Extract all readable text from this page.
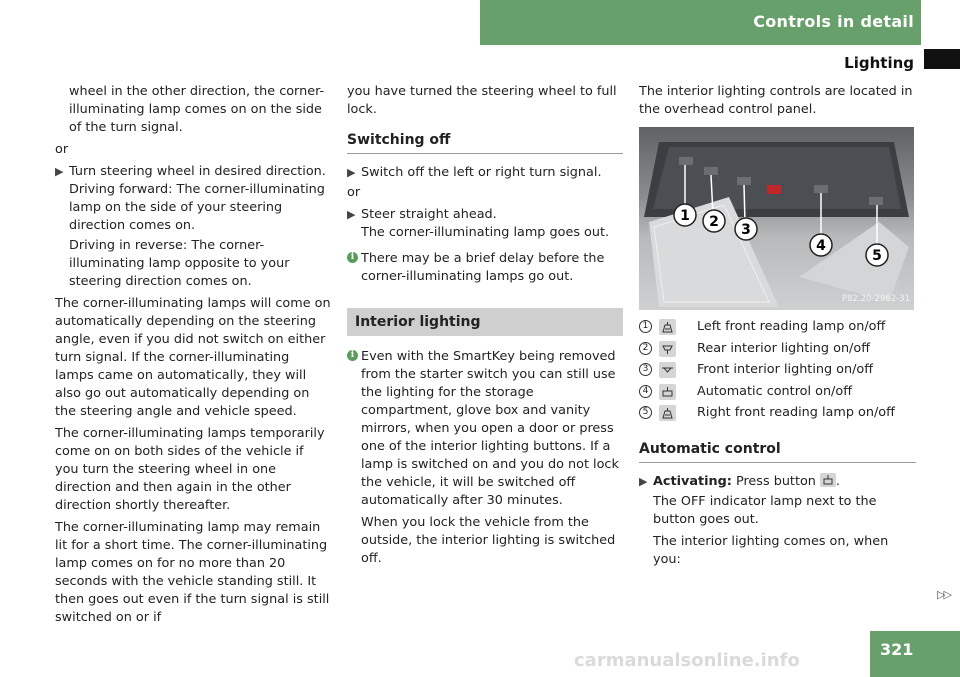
Controls in detail
Lighting

wheel in the other direction, the corner-illuminating lamp comes on on the side of the turn signal.

or

▶ Turn steering wheel in desired direction.
Driving forward: The corner-illuminating lamp on the side of your steering direction comes on.

Driving in reverse: The corner-illuminating lamp opposite to your steering direction comes on.

The corner-illuminating lamps will come on automatically depending on the steering angle, even if you did not switch on either turn signal. If the corner-illuminating lamps came on automatically, they will also go out automatically depending on the steering angle and vehicle speed.

The corner-illuminating lamps temporarily come on on both sides of the vehicle if you turn the steering wheel in one direction and then again in the other direction shortly thereafter.

The corner-illuminating lamp may remain lit for a short time. The corner-illuminating lamp comes on for no more than 20 seconds with the vehicle standing still. It then goes out even if the turn signal is still switched on or if

you have turned the steering wheel to full lock.

Switching off
▶ Switch off the left or right turn signal.

or

▶ Steer straight ahead.
The corner-illuminating lamp goes out.
i There may be a brief delay before the corner-illuminating lamps go out.
Interior lighting
i Even with the SmartKey being removed from the starter switch you can still use the lighting for the storage compartment, glove box and vanity mirrors, when you open a door or press one of the interior lighting buttons. If a lamp is switched on and you do not lock the vehicle, it will be switched off automatically after 30 minutes.

When you lock the vehicle from the outside, the interior lighting is switched off.

The interior lighting controls are located in the overhead control panel.

1 2 3
4
5
P82.20-2962-31
1	Left front reading lamp on/off
2	Rear interior lighting on/off
3	Front interior lighting on/off
4	Automatic control on/off
5	Right front reading lamp on/off
Automatic control
▶ Activating: Press button .

The OFF indicator lamp next to the button goes out.

The interior lighting comes on, when you:

▷▷
321
carmanualsonline.info
